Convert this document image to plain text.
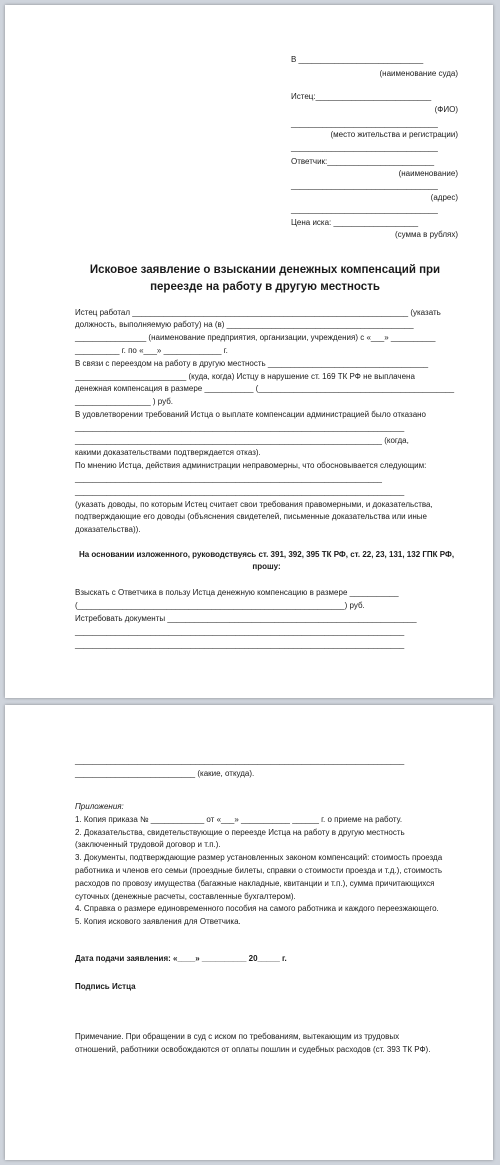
В ____________________________
(наименование суда)
Истец:__________________________
(ФИО)
_________________________________
(место жительства и регистрации)
_________________________________
Ответчик:________________________
(наименование)
_________________________________
(адрес)
_________________________________
Цена иска: ___________________
(сумма в рублях)
Исковое заявление о взыскании денежных компенсаций при переезде на работу в другую местность
Истец работал ______________________________________________________________ (указать
должность, выполняемую работу) на (в) __________________________________________
________________ (наименование предприятия, организации, учреждения) с «___» __________
__________ г. по «___» _____________ г.
В связи с переездом на работу в другую местность ____________________________________
_________________________ (куда, когда) Истцу в нарушение ст. 169 ТК РФ не выплачена
денежная компенсация в размере ___________ (____________________________________________
_________________ ) руб.
В удовлетворении требований Истца о выплате компенсации администрацией было отказано
__________________________________________________________________________
_____________________________________________________________________ (когда,
какими доказательствами подтверждается отказ).
По мнению Истца, действия администрации неправомерны, что обосновывается следующим:
_____________________________________________________________________
__________________________________________________________________________
(указать доводы, по которым Истец считает свои требования правомерными, и доказательства,
подтверждающие его доводы (объяснения свидетелей, письменные доказательства или иные
доказательства)).
На основании изложенного, руководствуясь ст. 391, 392, 395 ТК РФ, ст. 22, 23, 131, 132 ГПК РФ, прошу:
Взыскать с Ответчика в пользу Истца денежную компенсацию в размере ___________
(____________________________________________________________) руб.
Истребовать документы ________________________________________________________
__________________________________________________________________________
__________________________________________________________________________
__________________________________________________________________________
___________________________ (какие, откуда).
Приложения:
1. Копия приказа № ____________ от «___» ___________ ______ г. о приеме на работу.
2. Доказательства, свидетельствующие о переезде Истца на работу в другую местность
(заключенный трудовой договор и т.п.).
3. Документы, подтверждающие размер установленных законом компенсаций: стоимость проезда
работника и членов его семьи (проездные билеты, справки о стоимости проезда и т.д.), стоимость
расходов по провозу имущества (багажные накладные, квитанции и т.п.), сумма причитающихся
суточных (денежные расчеты, составленные бухгалтером).
4. Справка о размере единовременного пособия на самого работника и каждого переезжающего.
5. Копия искового заявления для Ответчика.
Дата подачи заявления: «____» __________ 20_____ г.
Подпись Истца
Примечание. При обращении в суд с иском по требованиям, вытекающим из трудовых
отношений, работники освобождаются от оплаты пошлин и судебных расходов (ст. 393 ТК РФ).
